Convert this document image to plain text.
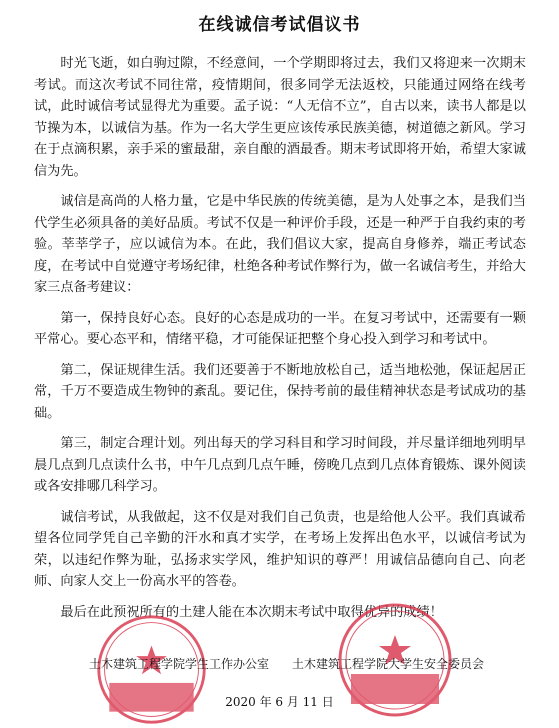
在线诚信考试倡议书

时光飞逝，如白驹过隙，不经意间，一个学期即将过去，我们又将迎来一次期末考试。而这次考试不同往常，疫情期间，很多同学无法返校，只能通过网络在线考试，此时诚信考试显得尤为重要。孟子说：“人无信不立”，自古以来，读书人都是以节操为本，以诚信为基。作为一名大学生更应该传承民族美德，树道德之新风。学习在于点滴积累，亲手采的蜜最甜，亲自酿的酒最香。期末考试即将开始，希望大家诚信为先。

诚信是高尚的人格力量，它是中华民族的传统美德，是为人处事之本，是我们当代学生必须具备的美好品质。考试不仅是一种评价手段，还是一种严于自我约束的考验。莘莘学子，应以诚信为本。在此，我们倡议大家，提高自身修养，端正考试态度，在考试中自觉遵守考场纪律，杜绝各种考试作弊行为，做一名诚信考生，并给大家三点备考建议：

第一，保持良好心态。良好的心态是成功的一半。在复习考试中，还需要有一颗平常心。要心态平和，情绪平稳，才可能保证把整个身心投入到学习和考试中。

第二，保证规律生活。我们还要善于不断地放松自己，适当地松弛，保证起居正常，千万不要造成生物钟的紊乱。要记住，保持考前的最佳精神状态是考试成功的基础。

第三，制定合理计划。列出每天的学习科目和学习时间段，并尽量详细地列明早晨几点到几点读什么书，中午几点到几点午睡，傍晚几点到几点体育锻炼、课外阅读或各安排哪几科学习。

诚信考试，从我做起，这不仅是对我们自己负责，也是给他人公平。我们真诚希望各位同学凭自己辛勤的汗水和真才实学，在考场上发挥出色水平，以诚信考试为荣，以违纪作弊为耻，弘扬求实学风，维护知识的尊严！用诚信品德向自己、向老师、向家人交上一份高水平的答卷。

最后在此预祝所有的土建人能在本次期末考试中取得优异的成绩！

土木建筑工程学院学生工作办公室 土木建筑工程学院大学生安全委员会
2020 年 6 月 11 日
